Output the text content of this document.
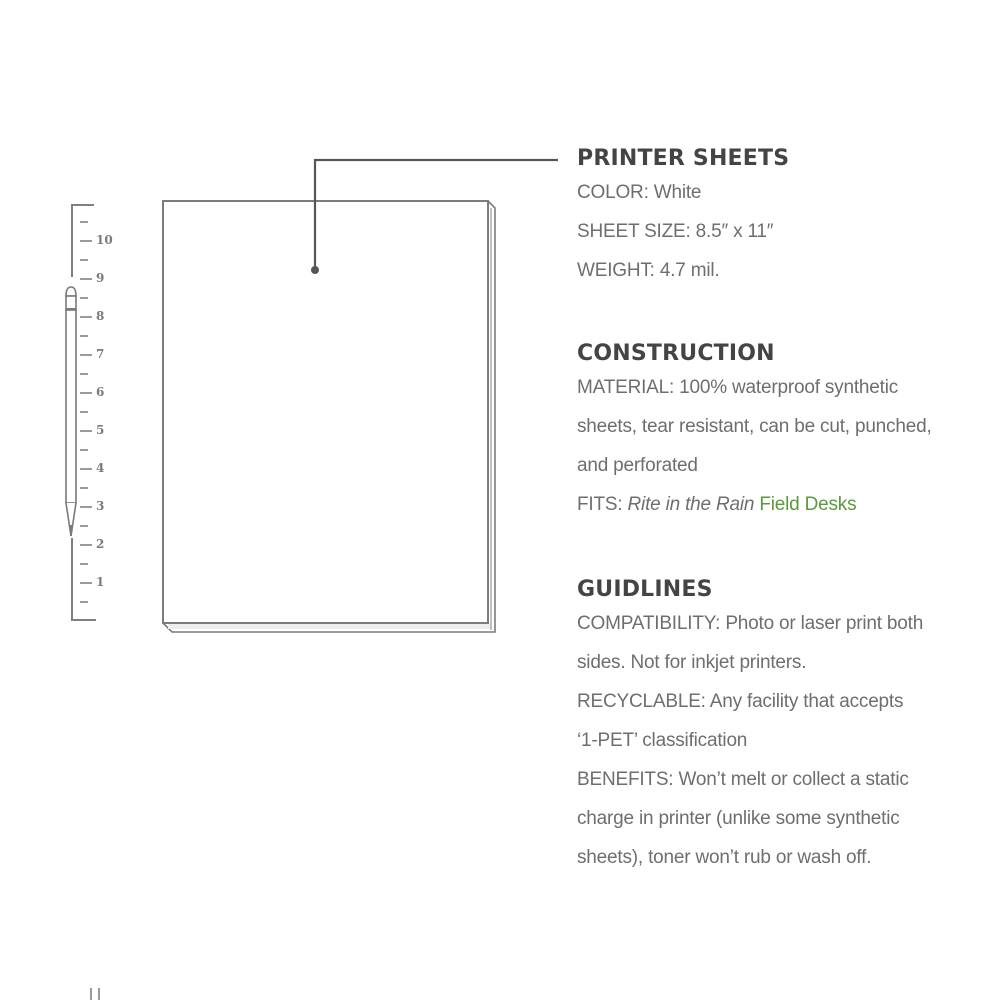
10
9
8
7
6
5
4
3
2
1
PRINTER SHEETS

COLOR: White

SHEET SIZE: 8.5″ x 11″

WEIGHT: 4.7 mil.

CONSTRUCTION

MATERIAL: 100% waterproof synthetic

sheets, tear resistant, can be cut, punched,

and perforated

FITS: Rite in the Rain Field Desks

GUIDLINES

COMPATIBILITY: Photo or laser print both

sides. Not for inkjet printers.

RECYCLABLE: Any facility that accepts

‘1-PET’ classification

BENEFITS: Won’t melt or collect a static

charge in printer (unlike some synthetic

sheets), toner won’t rub or wash off.
